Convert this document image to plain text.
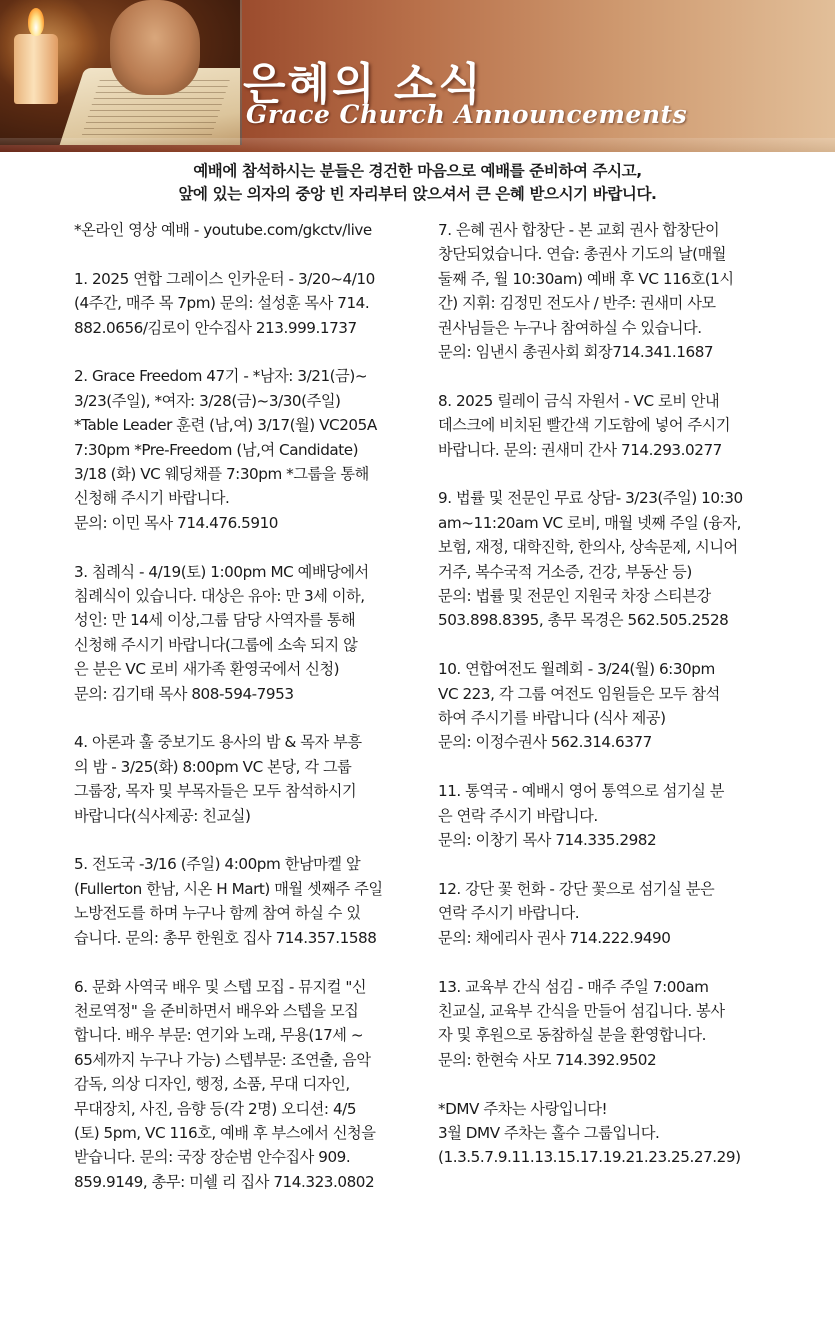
은혜의 소식
Grace Church Announcements
예배에 참석하시는 분들은 경건한 마음으로 예배를 준비하여 주시고,
앞에 있는 의자의 중앙 빈 자리부터 앉으셔서 큰 은혜 받으시기 바랍니다.
*온라인 영상 예배 - youtube.com/gkctv/live
1. 2025 연합 그레이스 인카운터 - 3/20~4/10
(4주간, 매주 목 7pm) 문의: 설성훈 목사 714.
882.0656/김로이 안수집사 213.999.1737
2. Grace Freedom 47기 - *남자: 3/21(금)~
3/23(주일), *여자: 3/28(금)~3/30(주일)
*Table Leader 훈련 (남,여) 3/17(월) VC205A
7:30pm *Pre-Freedom (남,여 Candidate)
3/18 (화) VC 웨딩채플 7:30pm *그룹을 통해
신청해 주시기 바랍니다.
문의: 이민 목사 714.476.5910
3. 침례식 - 4/19(토) 1:00pm MC 예배당에서
침례식이 있습니다. 대상은 유아: 만 3세 이하,
성인: 만 14세 이상,그룹 담당 사역자를 통해
신청해 주시기 바랍니다(그룹에 소속 되지 않
은 분은 VC 로비 새가족 환영국에서 신청)
문의: 김기태 목사 808-594-7953
4. 아론과 훌 중보기도 용사의 밤 & 목자 부흥
의 밤 - 3/25(화) 8:00pm VC 본당, 각 그룹
그룹장, 목자 및 부목자들은 모두 참석하시기
바랍니다(식사제공: 친교실)
5. 전도국 -3/16 (주일) 4:00pm 한남마켙 앞
(Fullerton 한남, 시온 H Mart) 매월 셋째주 주일
노방전도를 하며 누구나 함께 참여 하실 수 있
습니다. 문의: 총무 한원호 집사 714.357.1588
6. 문화 사역국 배우 및 스텝 모집 - 뮤지컬 "신
천로역정" 을 준비하면서 배우와 스텝을 모집
합니다. 배우 부문: 연기와 노래, 무용(17세 ~
65세까지 누구나 가능) 스텝부문: 조연출, 음악
감독, 의상 디자인, 행정, 소품, 무대 디자인,
무대장치, 사진, 음향 등(각 2명) 오디션: 4/5
(토) 5pm, VC 116호, 예배 후 부스에서 신청을
받습니다. 문의: 국장 장순범 안수집사 909.
859.9149, 총무: 미쉘 리 집사 714.323.0802
7. 은혜 권사 합창단 - 본 교회 권사 합창단이
창단되었습니다. 연습: 총권사 기도의 날(매월
둘째 주, 월 10:30am) 예배 후 VC 116호(1시
간) 지휘: 김정민 전도사 / 반주: 권새미 사모
권사님들은 누구나 참여하실 수 있습니다.
문의: 임낸시 총권사회 회장714.341.1687
8. 2025 릴레이 금식 자원서 - VC 로비 안내
데스크에 비치된 빨간색 기도함에 넣어 주시기
바랍니다. 문의: 권새미 간사 714.293.0277
9. 법률 및 전문인 무료 상담- 3/23(주일) 10:30
am~11:20am VC 로비, 매월 넷째 주일 (융자,
보험, 재정, 대학진학, 한의사, 상속문제, 시니어
거주, 복수국적 거소증, 건강, 부동산 등)
문의: 법률 및 전문인 지원국 차장 스티븐강
503.898.8395, 총무 목경은 562.505.2528
10. 연합여전도 월례회 - 3/24(월) 6:30pm
VC 223, 각 그룹 여전도 임원들은 모두 참석
하여 주시기를 바랍니다 (식사 제공)
문의: 이정수권사 562.314.6377
11. 통역국 - 예배시 영어 통역으로 섬기실 분
은 연락 주시기 바랍니다.
문의: 이창기 목사 714.335.2982
12. 강단 꽃 헌화 - 강단 꽃으로 섬기실 분은
연락 주시기 바랍니다.
문의: 채에리사 권사 714.222.9490
13. 교육부 간식 섬김 - 매주 주일 7:00am
친교실, 교육부 간식을 만들어 섬깁니다. 봉사
자 및 후원으로 동참하실 분을 환영합니다.
문의: 한현숙 사모 714.392.9502
*DMV 주차는 사랑입니다!
3월 DMV 주차는 홀수 그룹입니다.
(1.3.5.7.9.11.13.15.17.19.21.23.25.27.29)
